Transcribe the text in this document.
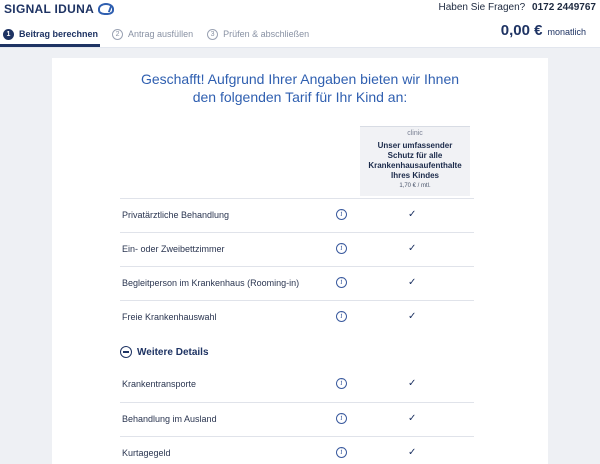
SIGNAL IDUNA	Haben Sie Fragen? 0172 2449767
1 Beitrag berechnen	2 Antrag ausfüllen	3 Prüfen & abschließen	0,00 € monatlich
Geschafft! Aufgrund Ihrer Angaben bieten wir Ihnen
den folgenden Tarif für Ihr Kind an:
clinic
Unser umfassender Schutz für alle Krankenhausaufenthalte Ihres Kindes
1,70 € / mtl.
Privatärztliche Behandlung	i	✓
Ein- oder Zweibettzimmer	i	✓
Begleitperson im Krankenhaus (Rooming-in)	i	✓
Freie Krankenhauswahl	i	✓
Weitere Details
Krankentransporte	i	✓
Behandlung im Ausland	i	✓
Kurtagegeld	i	✓
